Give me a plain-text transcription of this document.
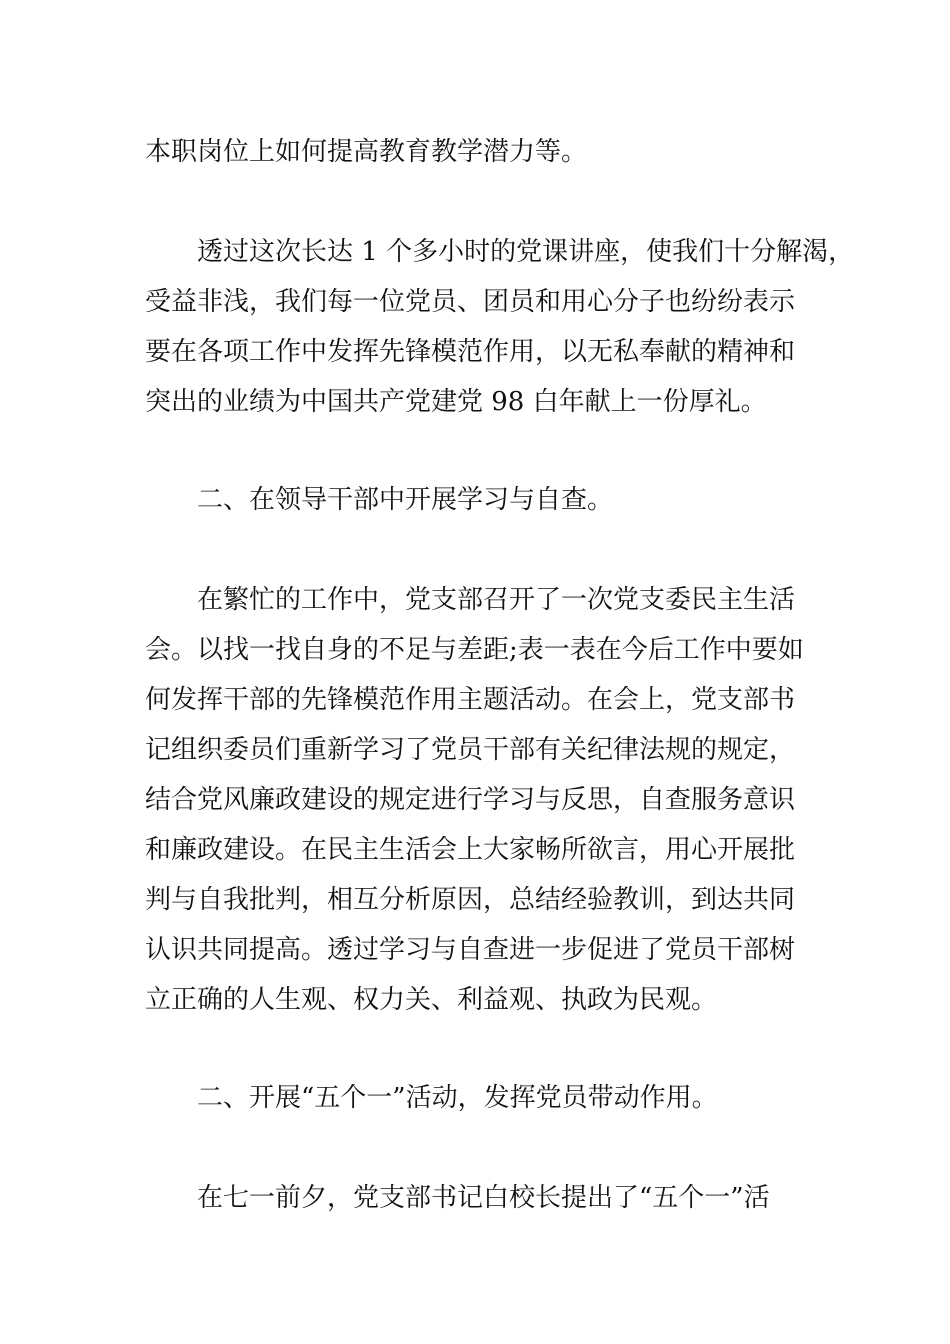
本职岗位上如何提高教育教学潜力等。
透过这次长达 1 个多小时的党课讲座，使我们十分解渴，
受益非浅，我们每一位党员、团员和用心分子也纷纷表示
要在各项工作中发挥先锋模范作用，以无私奉献的精神和
突出的业绩为中国共产党建党 98 白年献上一份厚礼。
二、在领导干部中开展学习与自查。
在繁忙的工作中，党支部召开了一次党支委民主生活
会。以找一找自身的不足与差距;表一表在今后工作中要如
何发挥干部的先锋模范作用主题活动。在会上，党支部书
记组织委员们重新学习了党员干部有关纪律法规的规定，
结合党风廉政建设的规定进行学习与反思，自查服务意识
和廉政建设。在民主生活会上大家畅所欲言，用心开展批
判与自我批判，相互分析原因，总结经验教训，到达共同
认识共同提高。透过学习与自查进一步促进了党员干部树
立正确的人生观、权力关、利益观、执政为民观。
二、开展“五个一”活动，发挥党员带动作用。
在七一前夕，党支部书记白校长提出了“五个一”活
